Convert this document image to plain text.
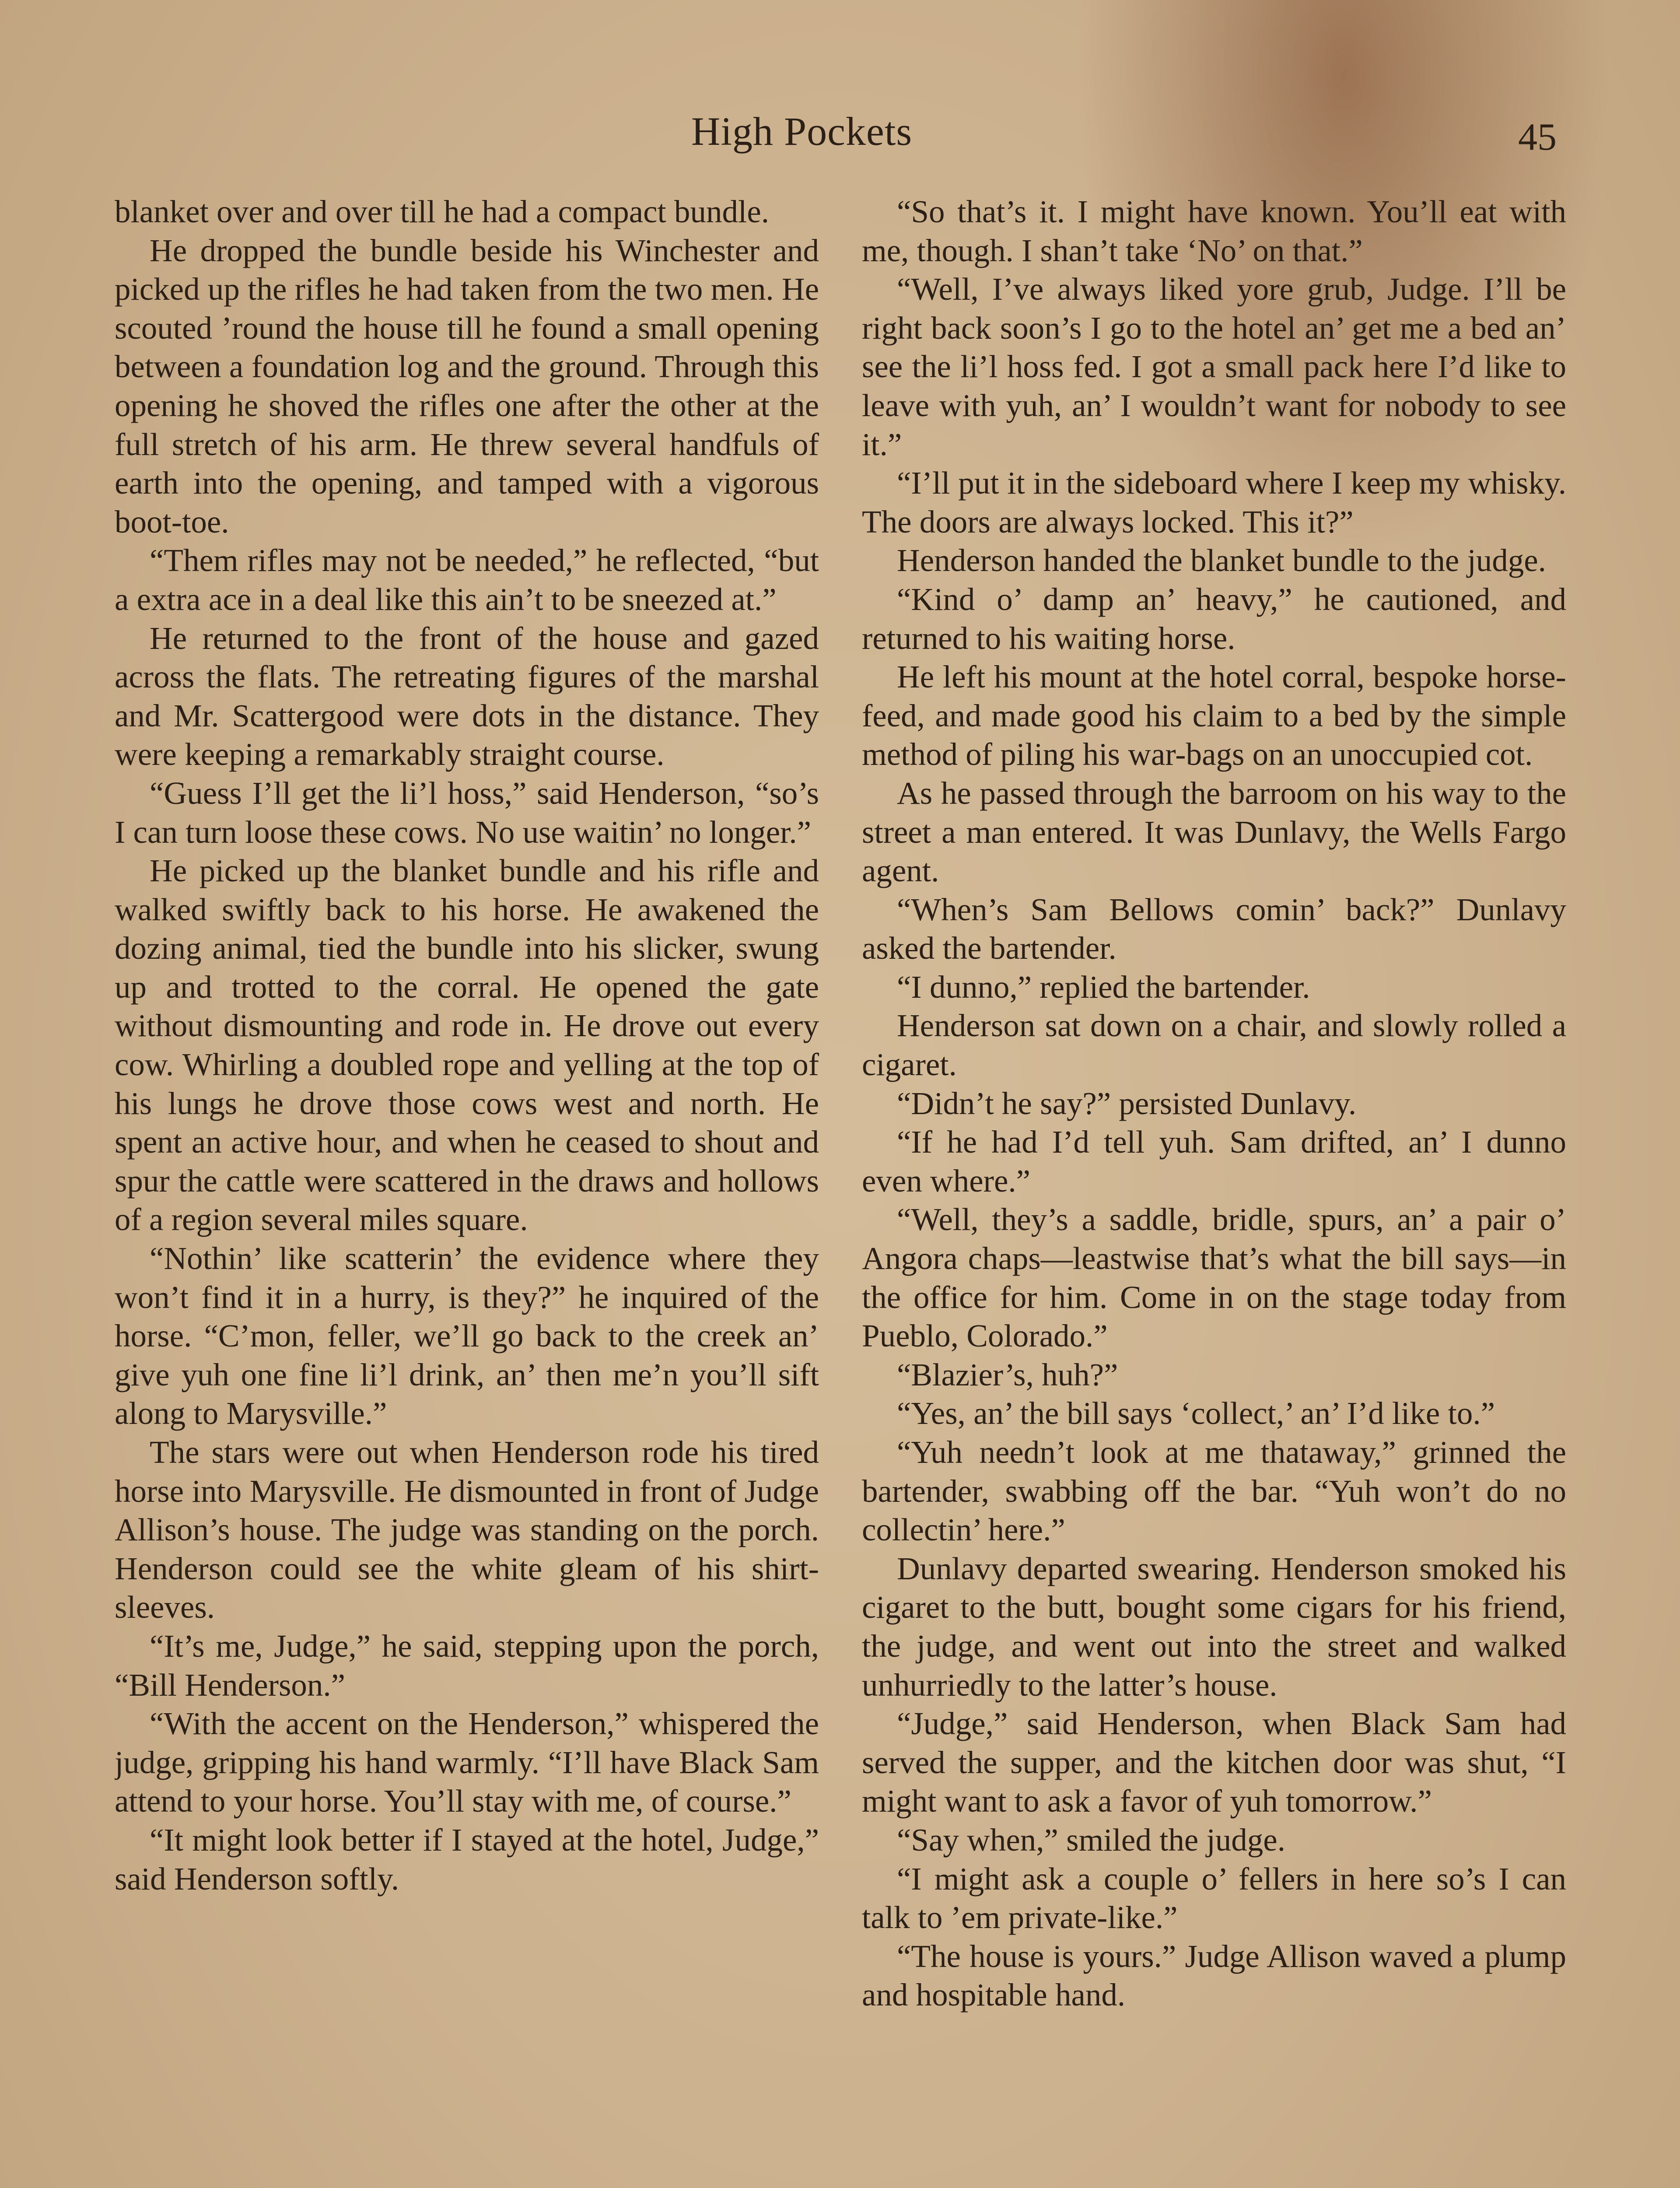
High Pockets	45

blanket over and over till he had a compact bundle.

He dropped the bundle beside his Winchester and picked up the rifles he had taken from the two men. He scouted ’round the house till he found a small opening between a foundation log and the ground. Through this opening he shoved the rifles one after the other at the full stretch of his arm. He threw several handfuls of earth into the opening, and tamped with a vigorous boot-toe.

“Them rifles may not be needed,” he reflected, “but a extra ace in a deal like this ain’t to be sneezed at.”

He returned to the front of the house and gazed across the flats. The retreating figures of the marshal and Mr. Scattergood were dots in the distance. They were keeping a remarkably straight course.

“Guess I’ll get the li’l hoss,” said Henderson, “so’s I can turn loose these cows. No use waitin’ no longer.”

He picked up the blanket bundle and his rifle and walked swiftly back to his horse. He awakened the dozing animal, tied the bundle into his slicker, swung up and trotted to the corral. He opened the gate without dismounting and rode in. He drove out every cow. Whirling a doubled rope and yelling at the top of his lungs he drove those cows west and north. He spent an active hour, and when he ceased to shout and spur the cattle were scattered in the draws and hollows of a region several miles square.

“Nothin’ like scatterin’ the evidence where they won’t find it in a hurry, is they?” he inquired of the horse. “C’mon, feller, we’ll go back to the creek an’ give yuh one fine li’l drink, an’ then me’n you’ll sift along to Marysville.”

The stars were out when Henderson rode his tired horse into Marysville. He dismounted in front of Judge Allison’s house. The judge was standing on the porch. Henderson could see the white gleam of his shirt-sleeves.

“It’s me, Judge,” he said, stepping upon the porch, “Bill Henderson.”

“With the accent on the Henderson,” whispered the judge, gripping his hand warmly. “I’ll have Black Sam attend to your horse. You’ll stay with me, of course.”

“It might look better if I stayed at the hotel, Judge,” said Henderson softly.

“So that’s it. I might have known. You’ll eat with me, though. I shan’t take ‘No’ on that.”

“Well, I’ve always liked yore grub, Judge. I’ll be right back soon’s I go to the hotel an’ get me a bed an’ see the li’l hoss fed. I got a small pack here I’d like to leave with yuh, an’ I wouldn’t want for nobody to see it.”

“I’ll put it in the sideboard where I keep my whisky. The doors are always locked. This it?”

Henderson handed the blanket bundle to the judge.

“Kind o’ damp an’ heavy,” he cautioned, and returned to his waiting horse.

He left his mount at the hotel corral, bespoke horse-feed, and made good his claim to a bed by the simple method of piling his war-bags on an unoccupied cot.

As he passed through the barroom on his way to the street a man entered. It was Dunlavy, the Wells Fargo agent.

“When’s Sam Bellows comin’ back?” Dunlavy asked the bartender.

“I dunno,” replied the bartender.

Henderson sat down on a chair, and slowly rolled a cigaret.

“Didn’t he say?” persisted Dunlavy.

“If he had I’d tell yuh. Sam drifted, an’ I dunno even where.”

“Well, they’s a saddle, bridle, spurs, an’ a pair o’ Angora chaps—leastwise that’s what the bill says—in the office for him. Come in on the stage today from Pueblo, Colorado.”

“Blazier’s, huh?”

“Yes, an’ the bill says ‘collect,’ an’ I’d like to.”

“Yuh needn’t look at me thataway,” grinned the bartender, swabbing off the bar. “Yuh won’t do no collectin’ here.”

Dunlavy departed swearing. Henderson smoked his cigaret to the butt, bought some cigars for his friend, the judge, and went out into the street and walked unhurriedly to the latter’s house.

“Judge,” said Henderson, when Black Sam had served the supper, and the kitchen door was shut, “I might want to ask a favor of yuh tomorrow.”

“Say when,” smiled the judge.

“I might ask a couple o’ fellers in here so’s I can talk to ’em private-like.”

“The house is yours.” Judge Allison waved a plump and hospitable hand.
